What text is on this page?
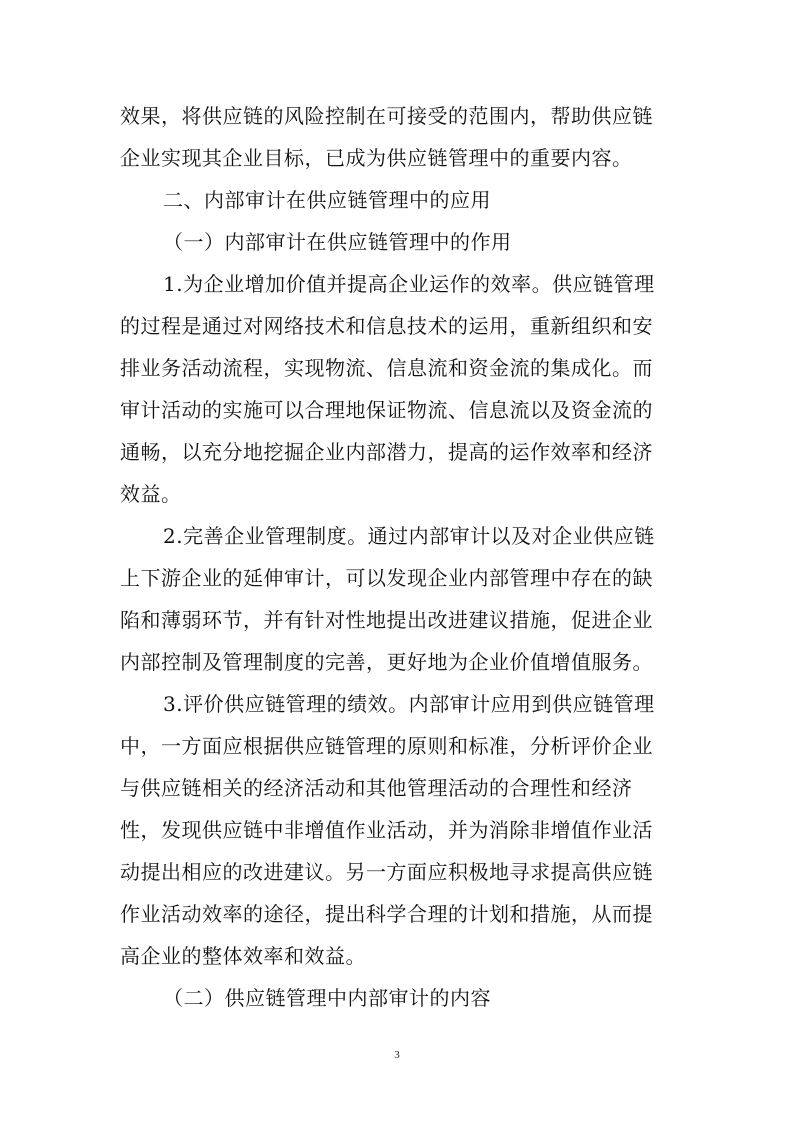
效果，将供应链的风险控制在可接受的范围内，帮助供应链
企业实现其企业目标，已成为供应链管理中的重要内容。
二、内部审计在供应链管理中的应用
（一）内部审计在供应链管理中的作用
1.为企业增加价值并提高企业运作的效率。供应链管理
的过程是通过对网络技术和信息技术的运用，重新组织和安
排业务活动流程，实现物流、信息流和资金流的集成化。而
审计活动的实施可以合理地保证物流、信息流以及资金流的
通畅，以充分地挖掘企业内部潜力，提高的运作效率和经济
效益。
2.完善企业管理制度。通过内部审计以及对企业供应链
上下游企业的延伸审计，可以发现企业内部管理中存在的缺
陷和薄弱环节，并有针对性地提出改进建议措施，促进企业
内部控制及管理制度的完善，更好地为企业价值增值服务。
3.评价供应链管理的绩效。内部审计应用到供应链管理
中，一方面应根据供应链管理的原则和标准，分析评价企业
与供应链相关的经济活动和其他管理活动的合理性和经济
性，发现供应链中非增值作业活动，并为消除非增值作业活
动提出相应的改进建议。另一方面应积极地寻求提高供应链
作业活动效率的途径，提出科学合理的计划和措施，从而提
高企业的整体效率和效益。
（二）供应链管理中内部审计的内容
3
